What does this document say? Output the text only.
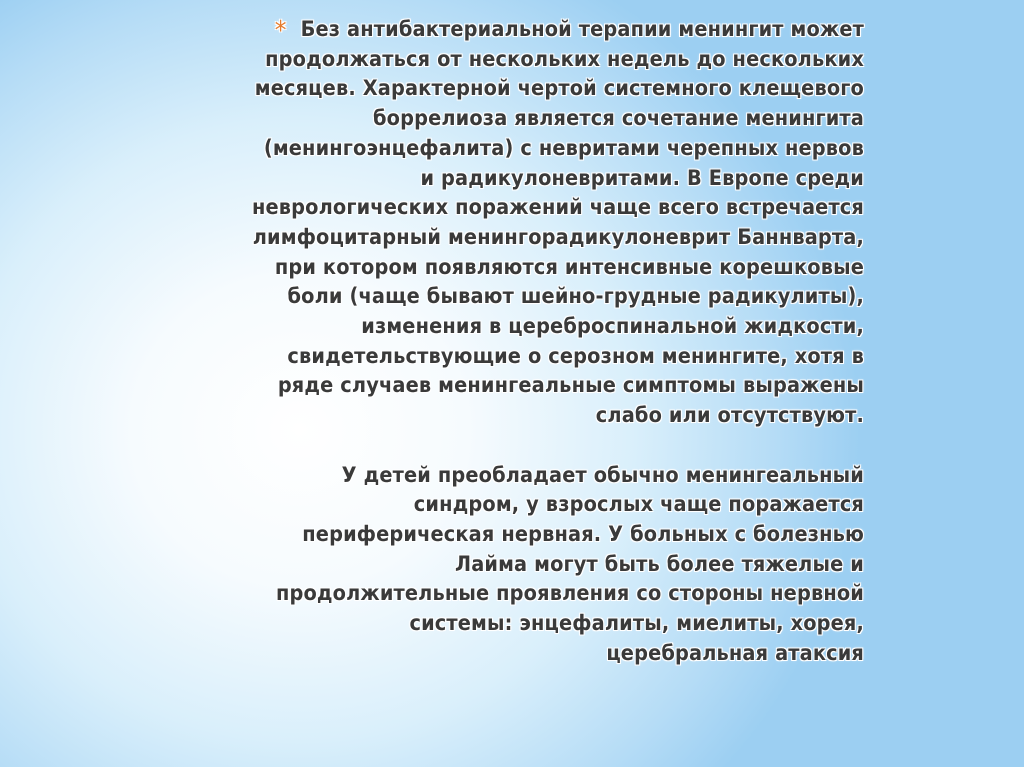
* Без антибактериальной терапии менингит может
продолжаться от нескольких недель до нескольких
месяцев. Характерной чертой системного клещевого
боррелиоза является сочетание менингита
(менингоэнцефалита) с невритами черепных нервов
и радикулоневритами. В Европе среди
неврологических поражений чаще всего встречается
лимфоцитарный менингорадикулоневрит Баннварта,
при котором появляются интенсивные корешковые
боли (чаще бывают шейно-грудные радикулиты),
изменения в цереброспинальной жидкости,
свидетельствующие о серозном менингите, хотя в
ряде случаев менингеальные симптомы выражены
слабо или отсутствуют.

У детей преобладает обычно менингеальный
синдром, у взрослых чаще поражается
периферическая нервная. У больных с болезнью
Лайма могут быть более тяжелые и
продолжительные проявления со стороны нервной
системы: энцефалиты, миелиты, хорея,
церебральная атаксия
